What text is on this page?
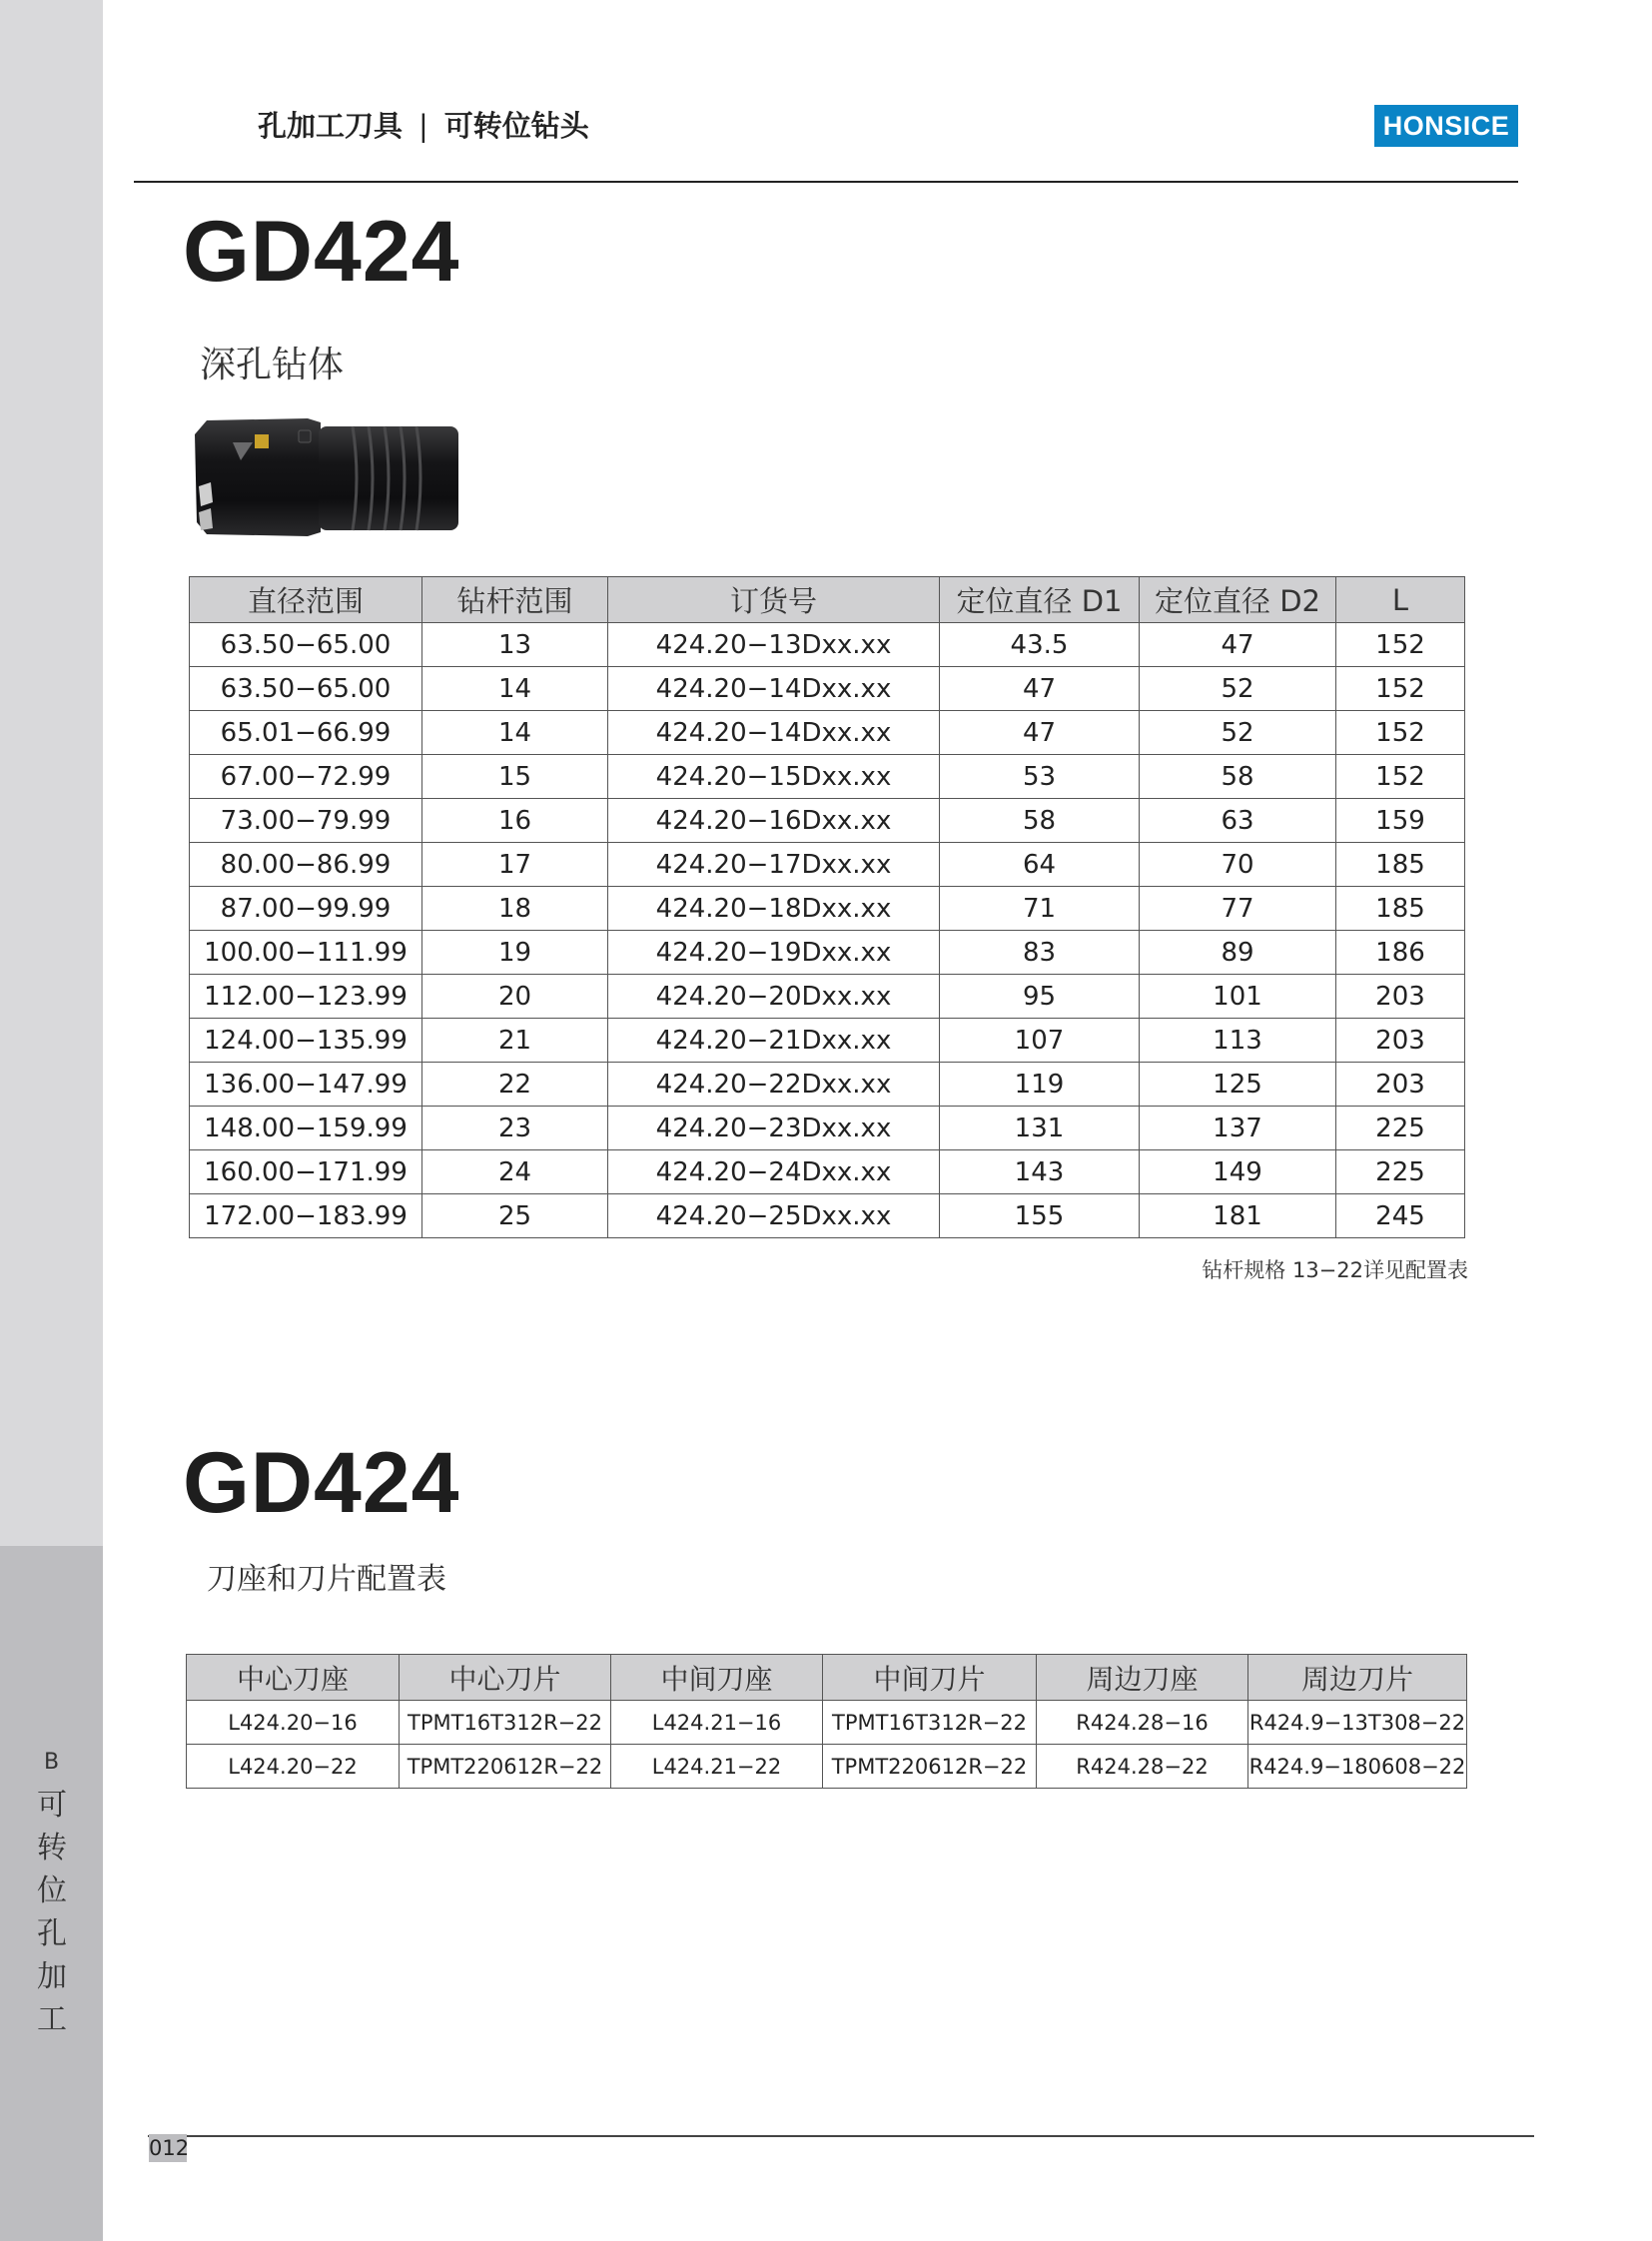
B
可
转
位
孔
加
工
孔加工刀具 | 可转位钻头	HONSICE
GD424
深孔钻体
直径范围	钻杆范围	订货号	定位直径 D1	定位直径 D2	L
63.50−65.00	13	424.20−13Dxx.xx	43.5	47	152
63.50−65.00	14	424.20−14Dxx.xx	47	52	152
65.01−66.99	14	424.20−14Dxx.xx	47	52	152
67.00−72.99	15	424.20−15Dxx.xx	53	58	152
73.00−79.99	16	424.20−16Dxx.xx	58	63	159
80.00−86.99	17	424.20−17Dxx.xx	64	70	185
87.00−99.99	18	424.20−18Dxx.xx	71	77	185
100.00−111.99	19	424.20−19Dxx.xx	83	89	186
112.00−123.99	20	424.20−20Dxx.xx	95	101	203
124.00−135.99	21	424.20−21Dxx.xx	107	113	203
136.00−147.99	22	424.20−22Dxx.xx	119	125	203
148.00−159.99	23	424.20−23Dxx.xx	131	137	225
160.00−171.99	24	424.20−24Dxx.xx	143	149	225
172.00−183.99	25	424.20−25Dxx.xx	155	181	245
钻杆规格 13−22详见配置表
GD424
刀座和刀片配置表
中心刀座	中心刀片	中间刀座	中间刀片	周边刀座	周边刀片
L424.20−16	TPMT16T312R−22	L424.21−16	TPMT16T312R−22	R424.28−16	R424.9−13T308−22
L424.20−22	TPMT220612R−22	L424.21−22	TPMT220612R−22	R424.28−22	R424.9−180608−22
012
